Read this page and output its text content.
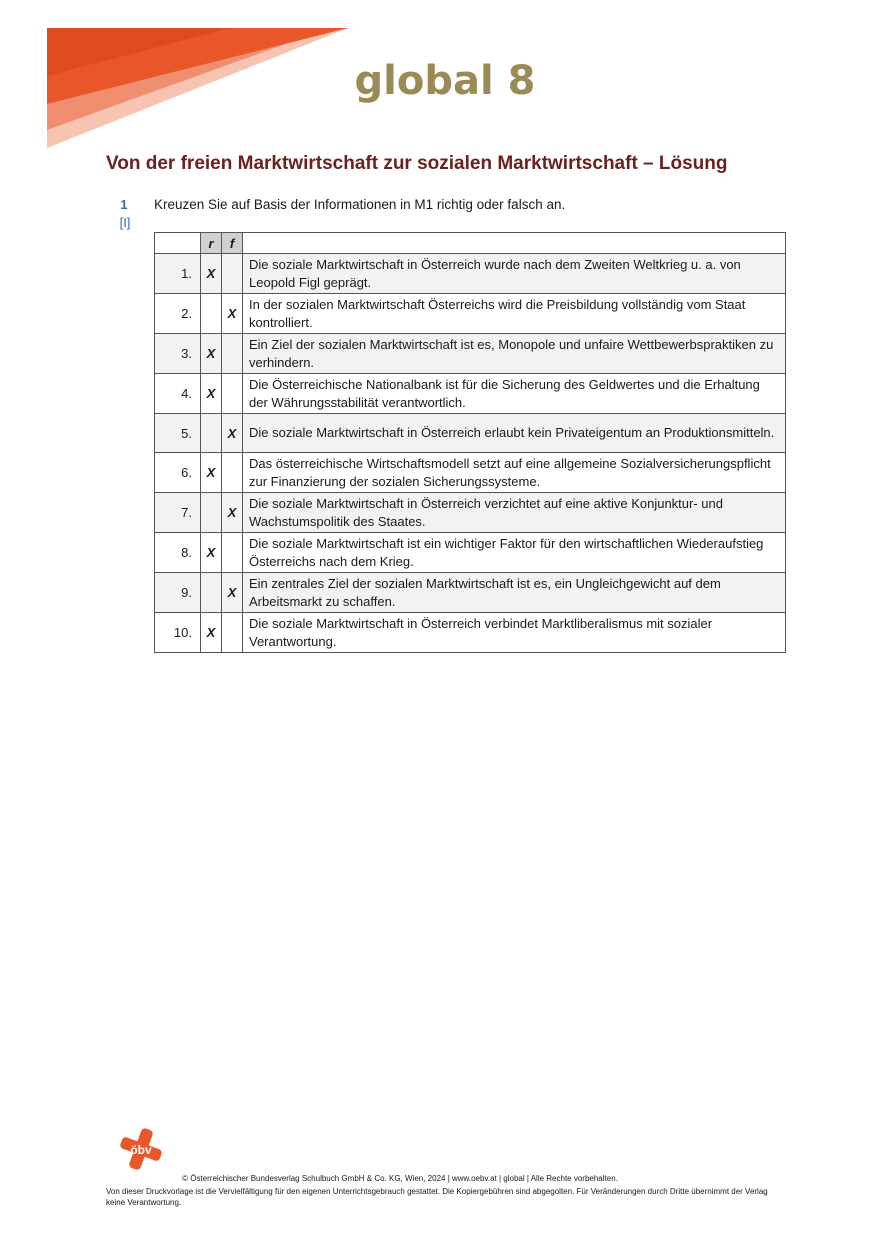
global 8
Von der freien Marktwirtschaft zur sozialen Marktwirtschaft – Lösung
1
[I]
Kreuzen Sie auf Basis der Informationen in M1 richtig oder falsch an.
	r	f	
1.	X		Die soziale Marktwirtschaft in Österreich wurde nach dem Zweiten Weltkrieg u. a. von Leopold Figl geprägt.
2.		X	In der sozialen Marktwirtschaft Österreichs wird die Preisbildung vollständig vom Staat kontrolliert.
3.	X		Ein Ziel der sozialen Marktwirtschaft ist es, Monopole und unfaire Wettbewerbspraktiken zu verhindern.
4.	X		Die Österreichische Nationalbank ist für die Sicherung des Geldwertes und die Erhaltung der Währungsstabilität verantwortlich.
5.		X	Die soziale Marktwirtschaft in Österreich erlaubt kein Privateigentum an Produktionsmitteln.
6.	X		Das österreichische Wirtschaftsmodell setzt auf eine allgemeine Sozialversicherungspflicht zur Finanzierung der sozialen Sicherungssysteme.
7.		X	Die soziale Marktwirtschaft in Österreich verzichtet auf eine aktive Konjunktur- und Wachstumspolitik des Staates.
8.	X		Die soziale Marktwirtschaft ist ein wichtiger Faktor für den wirtschaftlichen Wiederaufstieg Österreichs nach dem Krieg.
9.		X	Ein zentrales Ziel der sozialen Marktwirtschaft ist es, ein Ungleichgewicht auf dem Arbeitsmarkt zu schaffen.
10.	X		Die soziale Marktwirtschaft in Österreich verbindet Marktliberalismus mit sozialer Verantwortung.
öbv
© Österreichischer Bundesverlag Schulbuch GmbH & Co. KG, Wien, 2024 | www.oebv.at | global | Alle Rechte vorbehalten.
Von dieser Druckvorlage ist die Vervielfältigung für den eigenen Unterrichtsgebrauch gestattet. Die Kopiergebühren sind abgegolten. Für Veränderungen durch Dritte übernimmt der Verlag keine Verantwortung.
